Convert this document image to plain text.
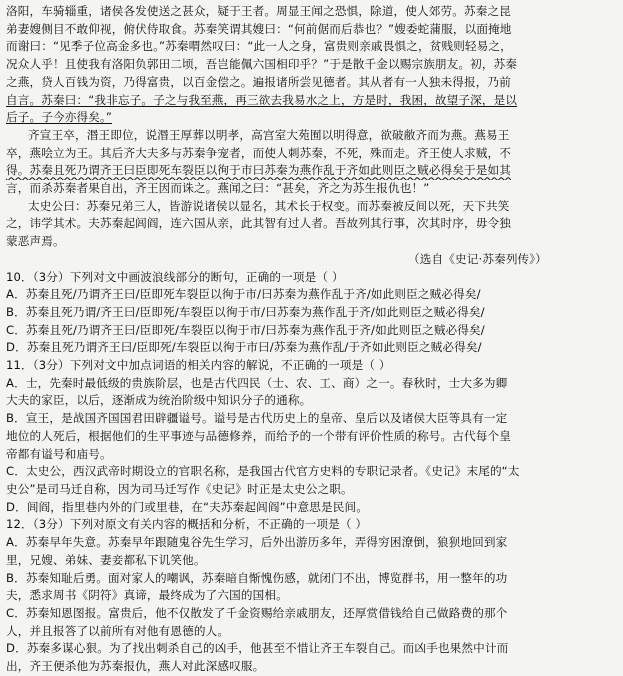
洛阳，车骑辎重，诸侯各发使送之甚众，疑于王者。周显王闻之恐惧，除道，使人郊劳。苏秦之昆
弟妻嫂侧目不敢仰视，俯伏侍取食。苏秦笑谓其嫂曰：“何前倨而后恭也？”嫂委蛇蒲服，以面掩地
而谢曰：“见季子位高金多也。”苏秦喟然叹曰：“此一人之身，富贵则亲戚畏惧之，贫贱则轻易之，
况众人乎！且使我有洛阳负郭田二顷，吾岂能佩六国相印乎？”于是散千金以赐宗族朋友。初，苏秦
之燕，贷人百钱为资，乃得富贵，以百金偿之。遍报诸所尝见德者。其从者有一人独未得报，乃前
自言。苏秦曰：“我非忘子。子之与我至燕，再三欲去我易水之上，方是时，我困，故望子深，是以
后子。子今亦得矣。”
齐宣王卒，湣王即位，说湣王厚葬以明孝，高宫室大苑囿以明得意，欲破敝齐而为燕。燕易王
卒，燕哙立为王。其后齐大夫多与苏秦争宠者，而使人刺苏秦，不死，殊而走。齐王使人求贼，不
得。苏秦且死乃谓齐王曰臣即死车裂臣以徇于市曰苏秦为燕作乱于齐如此则臣之贼必得矣于是如其
言，而杀苏秦者果自出，齐王因而诛之。燕闻之曰：“甚矣，齐之为苏生报仇也！”
太史公曰：苏秦兄弟三人，皆游说诸侯以显名，其术长于权变。而苏秦被反间以死，天下共笑
之，讳学其术。夫苏秦起闾阎，连六国从亲，此其智有过人者。吾故列其行事，次其时序，毋令独
蒙恶声焉。
（选自《史记·苏秦列传》）
10．（3分）下列对文中画波浪线部分的断句，正确的一项是（ ）
A．苏秦且死/乃谓齐王曰/臣即死车裂臣以徇于市/曰苏秦为燕作乱于齐/如此则臣之贼必得矣/
B．苏秦且死乃谓/齐王曰/臣即死/车裂臣以徇于市/曰苏秦为燕作乱于齐/如此则臣之贼必得矣/
C．苏秦且死/乃谓齐王曰/臣即死/车裂臣以徇于市/曰苏秦为燕作乱于齐/如此则臣之贼必得矣/
D．苏秦且死乃谓齐王曰/臣即死/车裂臣以徇于市曰/苏秦为燕作乱/于齐如此则臣之贼必得矣/
11．（3分）下列对文中加点词语的相关内容的解说，不正确的一项是（ ）
A．士，先秦时最低级的贵族阶层，也是古代四民（士、农、工、商）之一。春秋时，士大多为卿
大夫的家臣，以后，逐渐成为统治阶级中知识分子的通称。
B．宣王，是战国齐国国君田辟疆谥号。谥号是古代历史上的皇帝、皇后以及诸侯大臣等具有一定
地位的人死后，根据他们的生平事迹与品德修养，而给予的一个带有评价性质的称号。古代每个皇
帝都有谥号和庙号。
C．太史公，西汉武帝时期设立的官职名称，是我国古代官方史料的专职记录者。《史记》末尾的“太
史公”是司马迁自称，因为司马迁写作《史记》时正是太史公之职。
D．闾阎，指里巷内外的门或里巷，在“夫苏秦起闾阎”中意思是民间。
12．（3分）下列对原文有关内容的概括和分析，不正确的一项是（ ）
A．苏秦早年失意。苏秦早年跟随鬼谷先生学习，后外出游历多年，弄得穷困潦倒，狼狈地回到家
里，兄嫂、弟妹、妻妾都私下讥笑他。
B．苏秦知耻后勇。面对家人的嘲讽，苏秦暗自惭愧伤感，就闭门不出，博览群书，用一整年的功
夫，悉求周书《阴符》真谛，最终成为了六国的国相。
C．苏秦知恩图报。富贵后，他不仅散发了千金资赐给亲戚朋友，还厚赏借钱给自己做路费的那个
人，并且报答了以前所有对他有恩德的人。
D．苏秦多谋心狠。为了找出刺杀自己的凶手，他甚至不惜让齐王车裂自己。而凶手也果然中计而
出，齐王便杀他为苏秦报仇，燕人对此深感叹服。
